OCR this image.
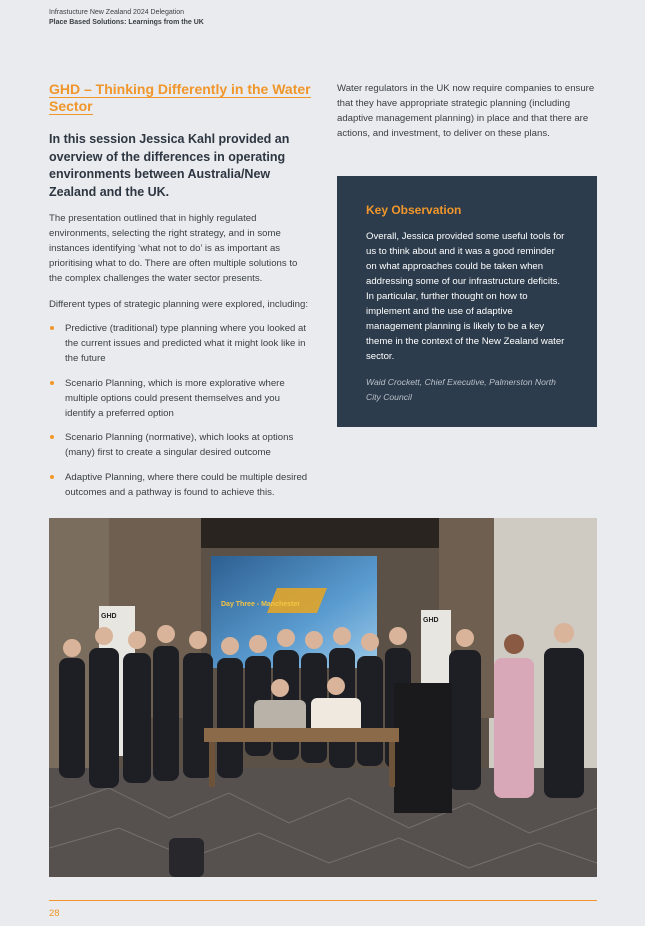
Infrastucture New Zealand 2024 Delegation
Place Based Solutions: Learnings from the UK
GHD – Thinking Differently in the Water
Sector
In this session Jessica Kahl provided an overview of the differences in operating environments between Australia/New Zealand and the UK.

The presentation outlined that in highly regulated environments, selecting the right strategy, and in some instances identifying ‘what not to do’ is as important as prioritising what to do. There are often multiple solutions to the complex challenges the water sector presents.

Different types of strategic planning were explored, including:

Predictive (traditional) type planning where you looked at the current issues and predicted what it might look like in the future
Scenario Planning, which is more explorative where multiple options could present themselves and you identify a preferred option
Scenario Planning (normative), which looks at options (many) first to create a singular desired outcome
Adaptive Planning, where there could be multiple desired outcomes and a pathway is found to achieve this.

Water regulators in the UK now require companies to ensure that they have appropriate strategic planning (including adaptive management planning) in place and that there are actions, and investment, to deliver on these plans.

Key Observation
Overall, Jessica provided some useful tools for us to think about and it was a good reminder on what approaches could be taken when addressing some of our infrastructure deficits. In particular, further thought on how to implement and the use of adaptive management planning is likely to be a key theme in the context of the New Zealand water sector.
Waid Crockett, Chief Executive, Palmerston North City Council
Day Three - Manchester
GHD
GHD
28
